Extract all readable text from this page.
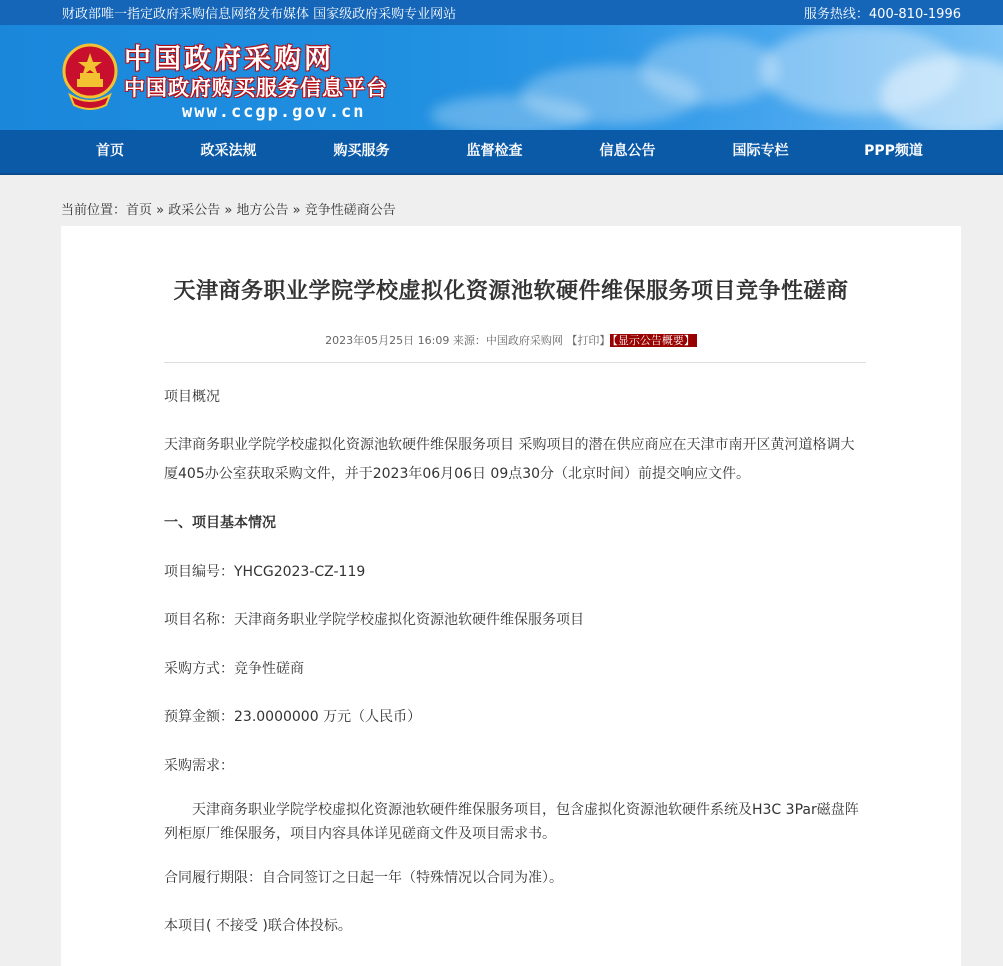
财政部唯一指定政府采购信息网络发布媒体 国家级政府采购专业网站	服务热线：400-810-1996
中国政府采购网
中国政府购买服务信息平台
www.ccgp.gov.cn
首页	政采法规	购买服务	监督检查	信息公告	国际专栏	PPP频道
当前位置：首页 » 政采公告 » 地方公告 » 竞争性磋商公告
天津商务职业学院学校虚拟化资源池软硬件维保服务项目竞争性磋商
2023年05月25日 16:09 来源：中国政府采购网 【打印】 【显示公告概要】

项目概况

天津商务职业学院学校虚拟化资源池软硬件维保服务项目 采购项目的潜在供应商应在天津市南开区黄河道格调大厦405办公室获取采购文件，并于2023年06月06日 09点30分（北京时间）前提交响应文件。

一、项目基本情况

项目编号：YHCG2023-CZ-119

项目名称：天津商务职业学院学校虚拟化资源池软硬件维保服务项目

采购方式：竞争性磋商

预算金额：23.0000000 万元（人民币）

采购需求：

天津商务职业学院学校虚拟化资源池软硬件维保服务项目，包含虚拟化资源池软硬件系统及H3C 3Par磁盘阵列柜原厂维保服务，项目内容具体详见磋商文件及项目需求书。

合同履行期限：自合同签订之日起一年（特殊情况以合同为准）。

本项目( 不接受 )联合体投标。
